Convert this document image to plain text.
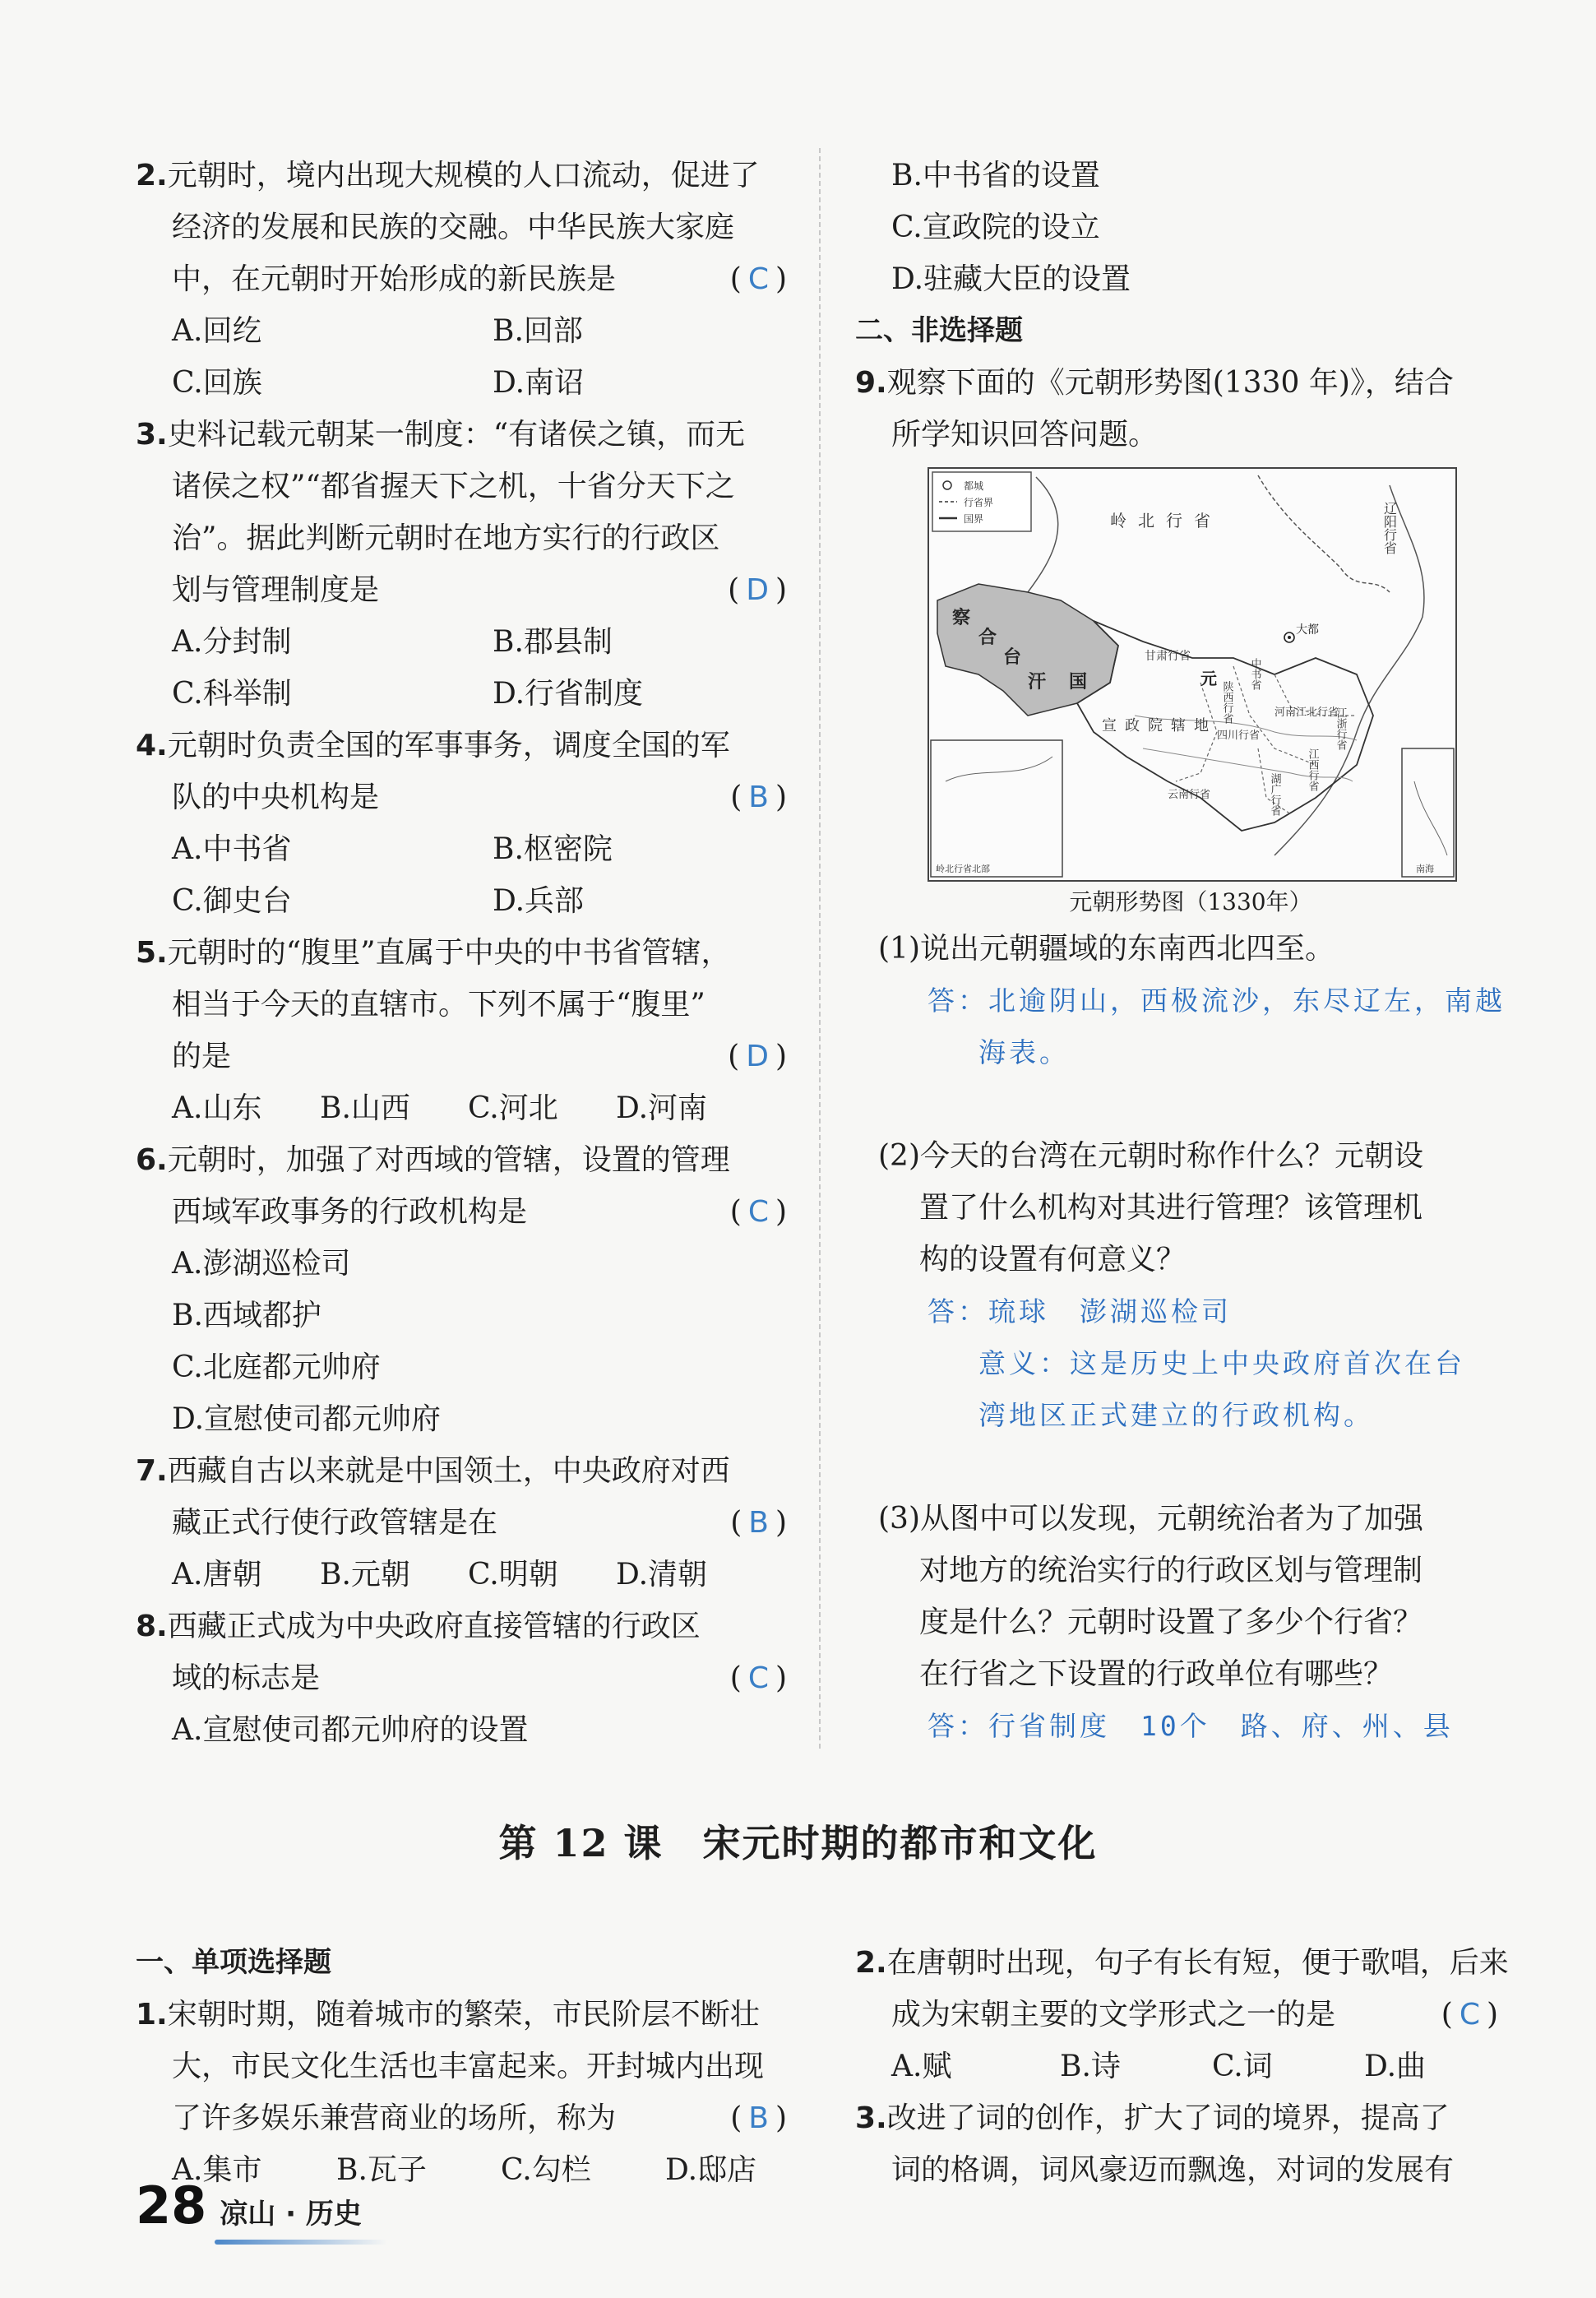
2.元朝时，境内出现大规模的人口流动，促进了
经济的发展和民族的交融。中华民族大家庭
中，在元朝时开始形成的新民族是	(C)
A.回纥	B.回部
C.回族	D.南诏
3.史料记载元朝某一制度：“有诸侯之镇，而无
诸侯之权”“都省握天下之机，十省分天下之
治”。据此判断元朝时在地方实行的行政区
划与管理制度是	(D)
A.分封制	B.郡县制
C.科举制	D.行省制度
4.元朝时负责全国的军事事务，调度全国的军
队的中央机构是	(B)
A.中书省	B.枢密院
C.御史台	D.兵部
5.元朝时的“腹里”直属于中央的中书省管辖，
相当于今天的直辖市。下列不属于“腹里”
的是	(D)
A.山东	B.山西	C.河北	D.河南
6.元朝时，加强了对西域的管辖，设置的管理
西域军政事务的行政机构是	(C)
A.澎湖巡检司
B.西域都护
C.北庭都元帅府
D.宣慰使司都元帅府
7.西藏自古以来就是中国领土，中央政府对西
藏正式行使行政管辖是在	(B)
A.唐朝	B.元朝	C.明朝	D.清朝
8.西藏正式成为中央政府直接管辖的行政区
域的标志是	(C)
A.宣慰使司都元帅府的设置
B.中书省的设置
C.宣政院的设立
D.驻藏大臣的设置
二、非选择题
9.观察下面的《元朝形势图(1330 年)》，结合
所学知识回答问题。
都城
行省界
国界	岭北行省	辽阳行省
察
合
台
汗 国
甘肃行省
元
陕西行省
中书省
大都
宣政院辖地
四川行省
河南江北行省
江浙行省
江西行省
湖广行省
云南行省
岭北行省北部	南海
元朝形势图（1330年）
(1)说出元朝疆域的东南西北四至。
答：北逾阴山，西极流沙，东尽辽左，南越
海表。
(2)今天的台湾在元朝时称作什么？元朝设
置了什么机构对其进行管理？该管理机
构的设置有何意义？
答：琉球　澎湖巡检司
意义：这是历史上中央政府首次在台
湾地区正式建立的行政机构。
(3)从图中可以发现，元朝统治者为了加强
对地方的统治实行的行政区划与管理制
度是什么？元朝时设置了多少个行省？
在行省之下设置的行政单位有哪些？
答：行省制度　10个　路、府、州、县
第 12 课　宋元时期的都市和文化
一、单项选择题
1.宋朝时期，随着城市的繁荣，市民阶层不断壮
大，市民文化生活也丰富起来。开封城内出现
了许多娱乐兼营商业的场所，称为	(B)
A.集市	B.瓦子	C.勾栏	D.邸店
2.在唐朝时出现，句子有长有短，便于歌唱，后来
成为宋朝主要的文学形式之一的是	(C)
A.赋	B.诗	C.词	D.曲
3.改进了词的创作，扩大了词的境界，提高了
词的格调，词风豪迈而飘逸，对词的发展有
28 凉山 · 历史
